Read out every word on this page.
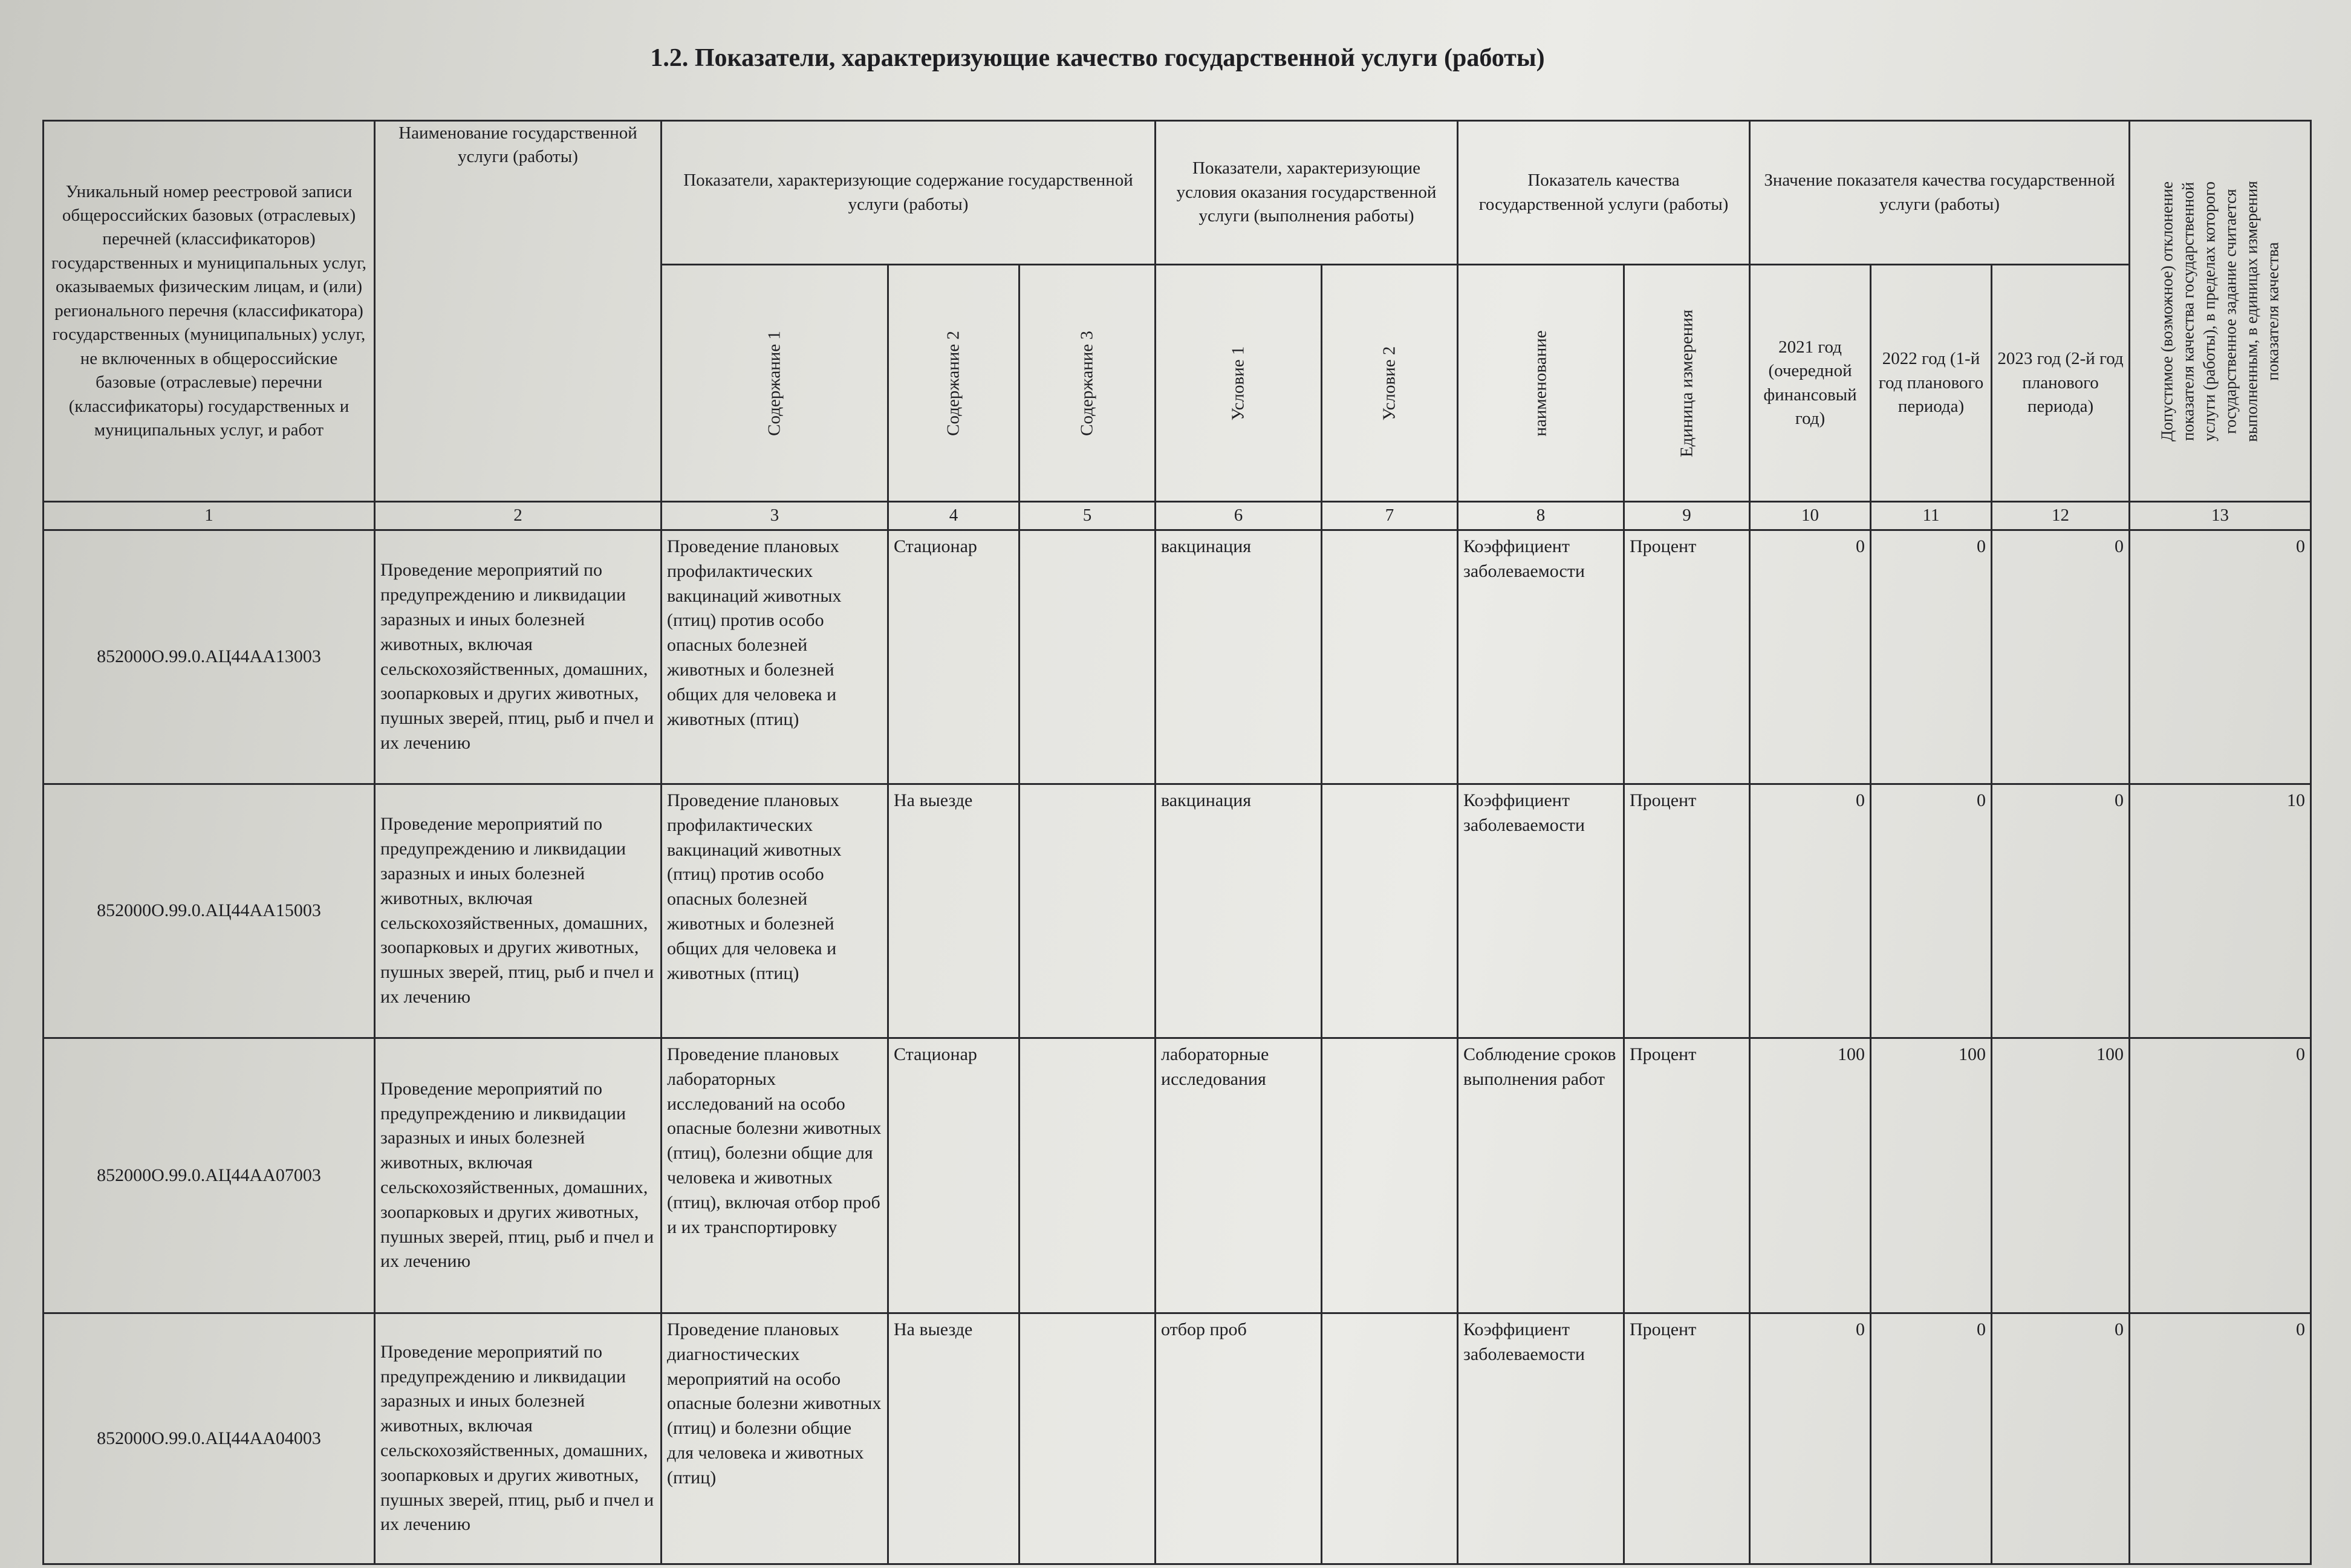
1.2. Показатели, характеризующие качество государственной услуги (работы)
Уникальный номер реестровой записи общероссийских базовых (отраслевых) перечней (классификаторов) государственных и муниципальных услуг, оказываемых физическим лицам, и (или) регионального перечня (классификатора) государственных (муниципальных) услуг, не включенных в общероссийские базовые (отраслевые) перечни (классификаторы) государственных и муниципальных услуг, и работ	Наименование государственной услуги (работы)	Показатели, характеризующие содержание государственной услуги (работы)			Показатели, характеризующие условия оказания государственной услуги (выполнения работы)		Показатель качества государственной услуги (работы)		Значение показателя качества государственной услуги (работы)			Допустимое (возможное) отклонение показателя качества государственной услуги (работы), в пределах которого государственное задание считается выполненным, в единицах измерения показателя качества

		Содержание 1	Содержание 2	Содержание 3	Условие 1	Условие 2	наименование	Единица измерения	2021 год (очередной финансовый год)	2022 год (1-й год планового периода)	2023 год (2-й год планового периода)	
1	2	3	4	5	6	7	8	9	10	11	12	13
852000О.99.0.АЦ44АА13003	Проведение мероприятий по предупреждению и ликвидации заразных и иных болезней животных, включая сельскохозяйственных, домашних, зоопарковых и других животных, пушных зверей, птиц, рыб и пчел и их лечению	Проведение плановых профилактических вакцинаций животных (птиц) против особо опасных болезней животных и болезней общих для человека и животных (птиц)	Стационар		вакцинация		Коэффициент заболеваемости	Процент	0	0	0	0
852000О.99.0.АЦ44АА15003	Проведение мероприятий по предупреждению и ликвидации заразных и иных болезней животных, включая сельскохозяйственных, домашних, зоопарковых и других животных, пушных зверей, птиц, рыб и пчел и их лечению	Проведение плановых профилактических вакцинаций животных (птиц) против особо опасных болезней животных и болезней общих для человека и животных (птиц)	На выезде		вакцинация		Коэффициент заболеваемости	Процент	0	0	0	10
852000О.99.0.АЦ44АА07003	Проведение мероприятий по предупреждению и ликвидации заразных и иных болезней животных, включая сельскохозяйственных, домашних, зоопарковых и других животных, пушных зверей, птиц, рыб и пчел и их лечению	Проведение плановых лабораторных исследований на особо опасные болезни животных (птиц), болезни общие для человека и животных (птиц), включая отбор проб и их транспортировку	Стационар		лабораторные исследования		Соблюдение сроков выполнения работ	Процент	100	100	100	0
852000О.99.0.АЦ44АА04003	Проведение мероприятий по предупреждению и ликвидации заразных и иных болезней животных, включая сельскохозяйственных, домашних, зоопарковых и других животных, пушных зверей, птиц, рыб и пчел и их лечению	Проведение плановых диагностических мероприятий на особо опасные болезни животных (птиц) и болезни общие для человека и животных (птиц)	На выезде		отбор проб		Коэффициент заболеваемости	Процент	0	0	0	0
